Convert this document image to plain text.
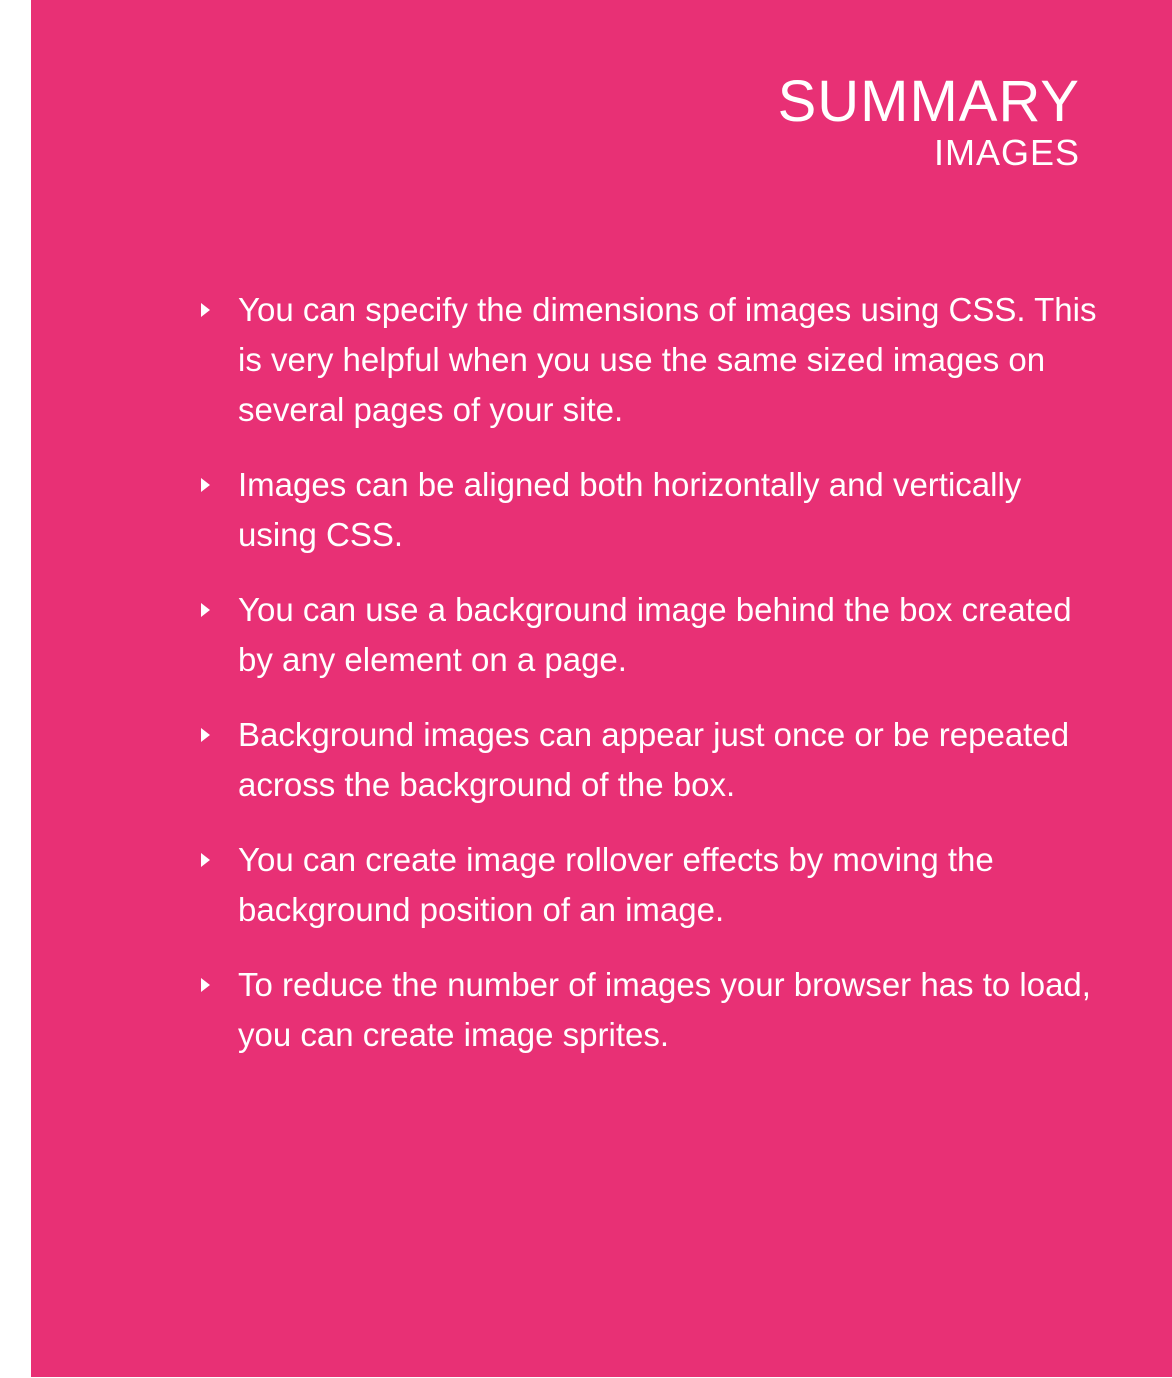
SUMMARY
IMAGES
You can specify the dimensions of images using CSS. This is very helpful when you use the same sized images on several pages of your site.
Images can be aligned both horizontally and vertically using CSS.
You can use a background image behind the box created by any element on a page.
Background images can appear just once or be repeated across the background of the box.
You can create image rollover effects by moving the background position of an image.
To reduce the number of images your browser has to load, you can create image sprites.
